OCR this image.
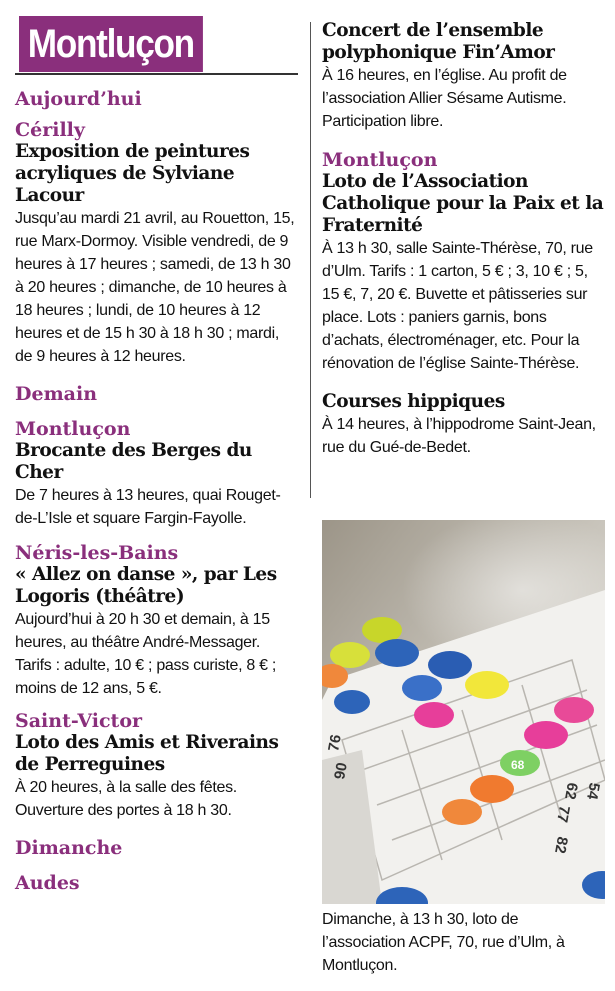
Montluçon
Aujourd’hui
Cérilly
Exposition de peintures acryliques de Sylviane Lacour

Jusqu’au mardi 21 avril, au Rouetton, 15, rue Marx-Dormoy. Visible vendredi, de 9 heures à 17 heures ; samedi, de 13 h 30 à 20 heures ; dimanche, de 10 heures à 18 heures ; lundi, de 10 heures à 12 heures et de 15 h 30 à 18 h 30 ; mardi, de 9 heures à 12 heures.

Demain
Montluçon
Brocante des Berges du Cher

De 7 heures à 13 heures, quai Rouget-de-L’Isle et square Fargin-Fayolle.

Néris-les-Bains
« Allez on danse », par Les Logoris (théâtre)

Aujourd’hui à 20 h 30 et demain, à 15 heures, au théâtre André-Messager. Tarifs : adulte, 10 € ; pass curiste, 8 € ; moins de 12 ans, 5 €.

Saint-Victor
Loto des Amis et Riverains de Perreguines

À 20 heures, à la salle des fêtes. Ouverture des portes à 18 h 30.

Dimanche
Audes
Concert de l’ensemble polyphonique Fin’Amor

À 16 heures, en l’église. Au profit de l’association Allier Sésame Autisme. Participation libre.

Montluçon
Loto de l’Association Catholique pour la Paix et la Fraternité

À 13 h 30, salle Sainte-Thérèse, 70, rue d’Ulm. Tarifs : 1 carton, 5 € ; 3, 10 € ; 5, 15 €, 7, 20 €. Buvette et pâtisseries sur place. Lots : paniers garnis, bons d’achats, électroménager, etc. Pour la rénovation de l’église Sainte-Thérèse.

Courses hippiques

À 14 heures, à l’hippodrome Saint-Jean, rue du Gué-de-Bedet.

76
90
54
62
77
82
68

Dimanche, à 13 h 30, loto de l’association ACPF, 70, rue d’Ulm, à Montluçon.
